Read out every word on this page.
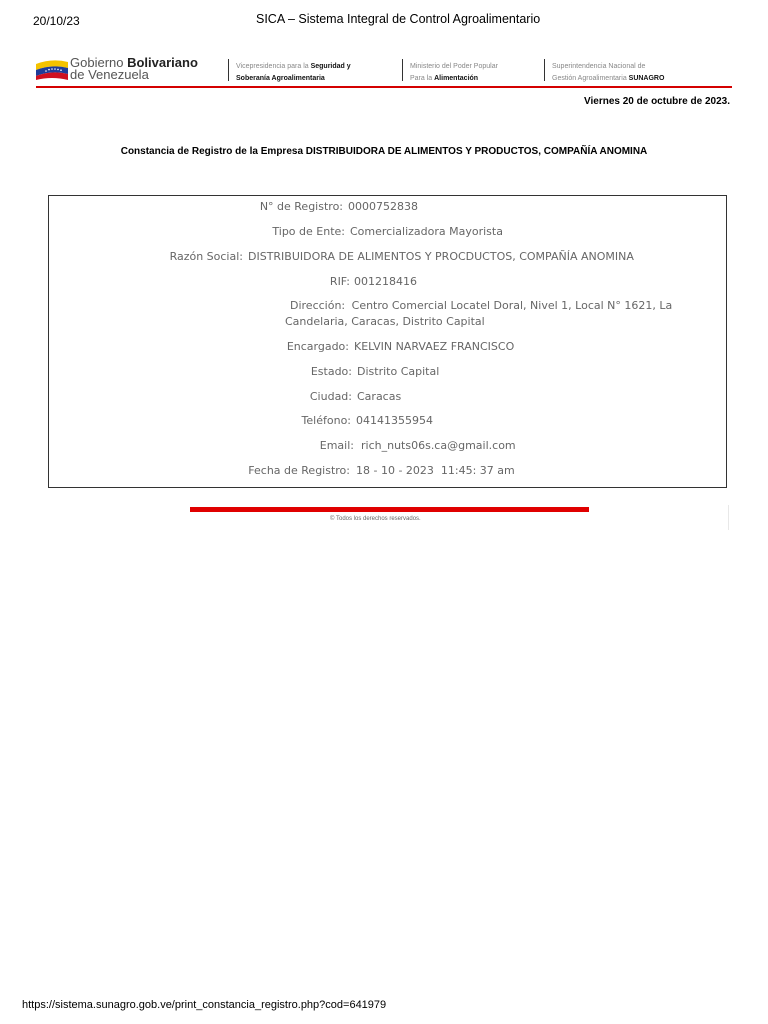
20/10/23	SICA – Sistema Integral de Control Agroalimentario
Gobierno Bolivariano
de Venezuela
Vicepresidencia para la Seguridad y
Soberanía Agroalimentaria
Ministerio del Poder Popular
Para la Alimentación
Superintendencia Nacional de
Gestión Agroalimentaria SUNAGRO
Viernes 20 de octubre de 2023.
Constancia de Registro de la Empresa DISTRIBUIDORA DE ALIMENTOS Y PRODUCTOS, COMPAÑÍA ANOMINA
N° de Registro: 0000752838
Tipo de Ente: Comercializadora Mayorista
Razón Social: DISTRIBUIDORA DE ALIMENTOS Y PROCDUCTOS, COMPAÑÍA ANOMINA
RIF: 001218416
Dirección: Centro Comercial Locatel Doral, Nivel 1, Local N° 1621, La Candelaria, Caracas, Distrito Capital
Encargado: KELVIN NARVAEZ FRANCISCO
Estado: Distrito Capital
Ciudad: Caracas
Teléfono: 04141355954
Email: rich_nuts06s.ca@gmail.com
Fecha de Registro: 18 - 10 - 2023  11:45: 37 am
© Todos los derechos reservados.
https://sistema.sunagro.gob.ve/print_constancia_registro.php?cod=641979
